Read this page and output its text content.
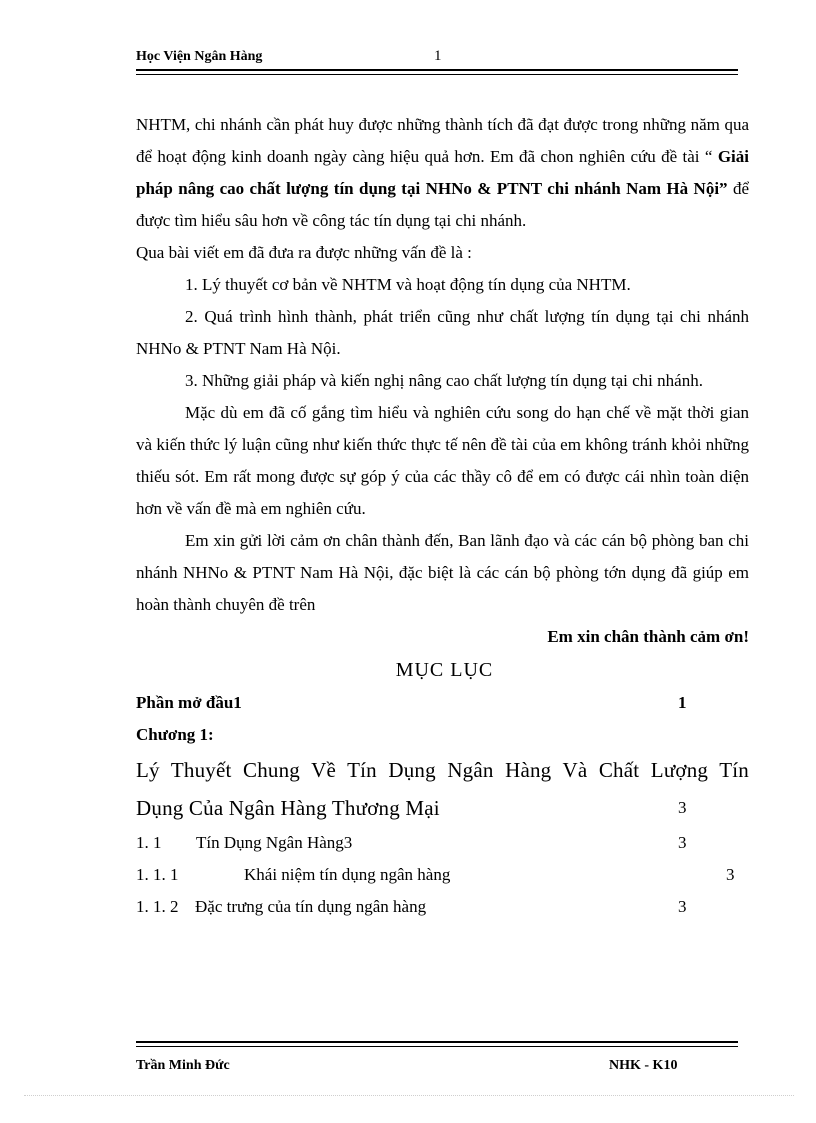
Học Viện Ngân Hàng	1

NHTM, chi nhánh cần phát huy được những thành tích đã đạt được trong những năm qua để hoạt động kinh doanh ngày càng hiệu quả hơn. Em đã chon nghiên cứu đề tài “ Giải pháp nâng cao chất lượng tín dụng tại NHNo & PTNT chi nhánh Nam Hà Nội” để được tìm hiểu sâu hơn về công tác tín dụng tại chi nhánh.

Qua bài viết em đã đưa ra được những vấn đề là :

1. Lý thuyết cơ bản về NHTM và hoạt động tín dụng của NHTM.

2. Quá trình hình thành, phát triển cũng như chất lượng tín dụng tại chi nhánh NHNo & PTNT Nam Hà Nội.

3. Những giải pháp và kiến nghị nâng cao chất lượng tín dụng tại chi nhánh.

Mặc dù em đã cố gắng tìm hiểu và nghiên cứu song do hạn chế về mặt thời gian và kiến thức lý luận cũng như kiến thức thực tế nên đề tài của em không tránh khỏi những thiếu sót. Em rất mong được sự góp ý của các thầy cô để em có được cái nhìn toàn diện hơn về vấn đề mà em nghiên cứu.

Em xin gửi lời cảm ơn chân thành đến, Ban lãnh đạo và các cán bộ phòng ban chi nhánh NHNo & PTNT Nam Hà Nội, đặc biệt là các cán bộ phòng tớn dụng đã giúp em hoàn thành chuyên đề trên

Em xin chân thành cảm ơn!

MỤC LỤC

Phần mở đầu1	1
Chương 1:
Lý Thuyết Chung Về Tín Dụng Ngân Hàng Và Chất Lượng Tín
Dụng Của Ngân Hàng Thương Mại	3
1. 1 Tín Dụng Ngân Hàng3	3
1. 1. 1	Khái niệm tín dụng ngân hàng	3
1. 1. 2 Đặc trưng của tín dụng ngân hàng	3
Trần Minh Đức	NHK - K10
